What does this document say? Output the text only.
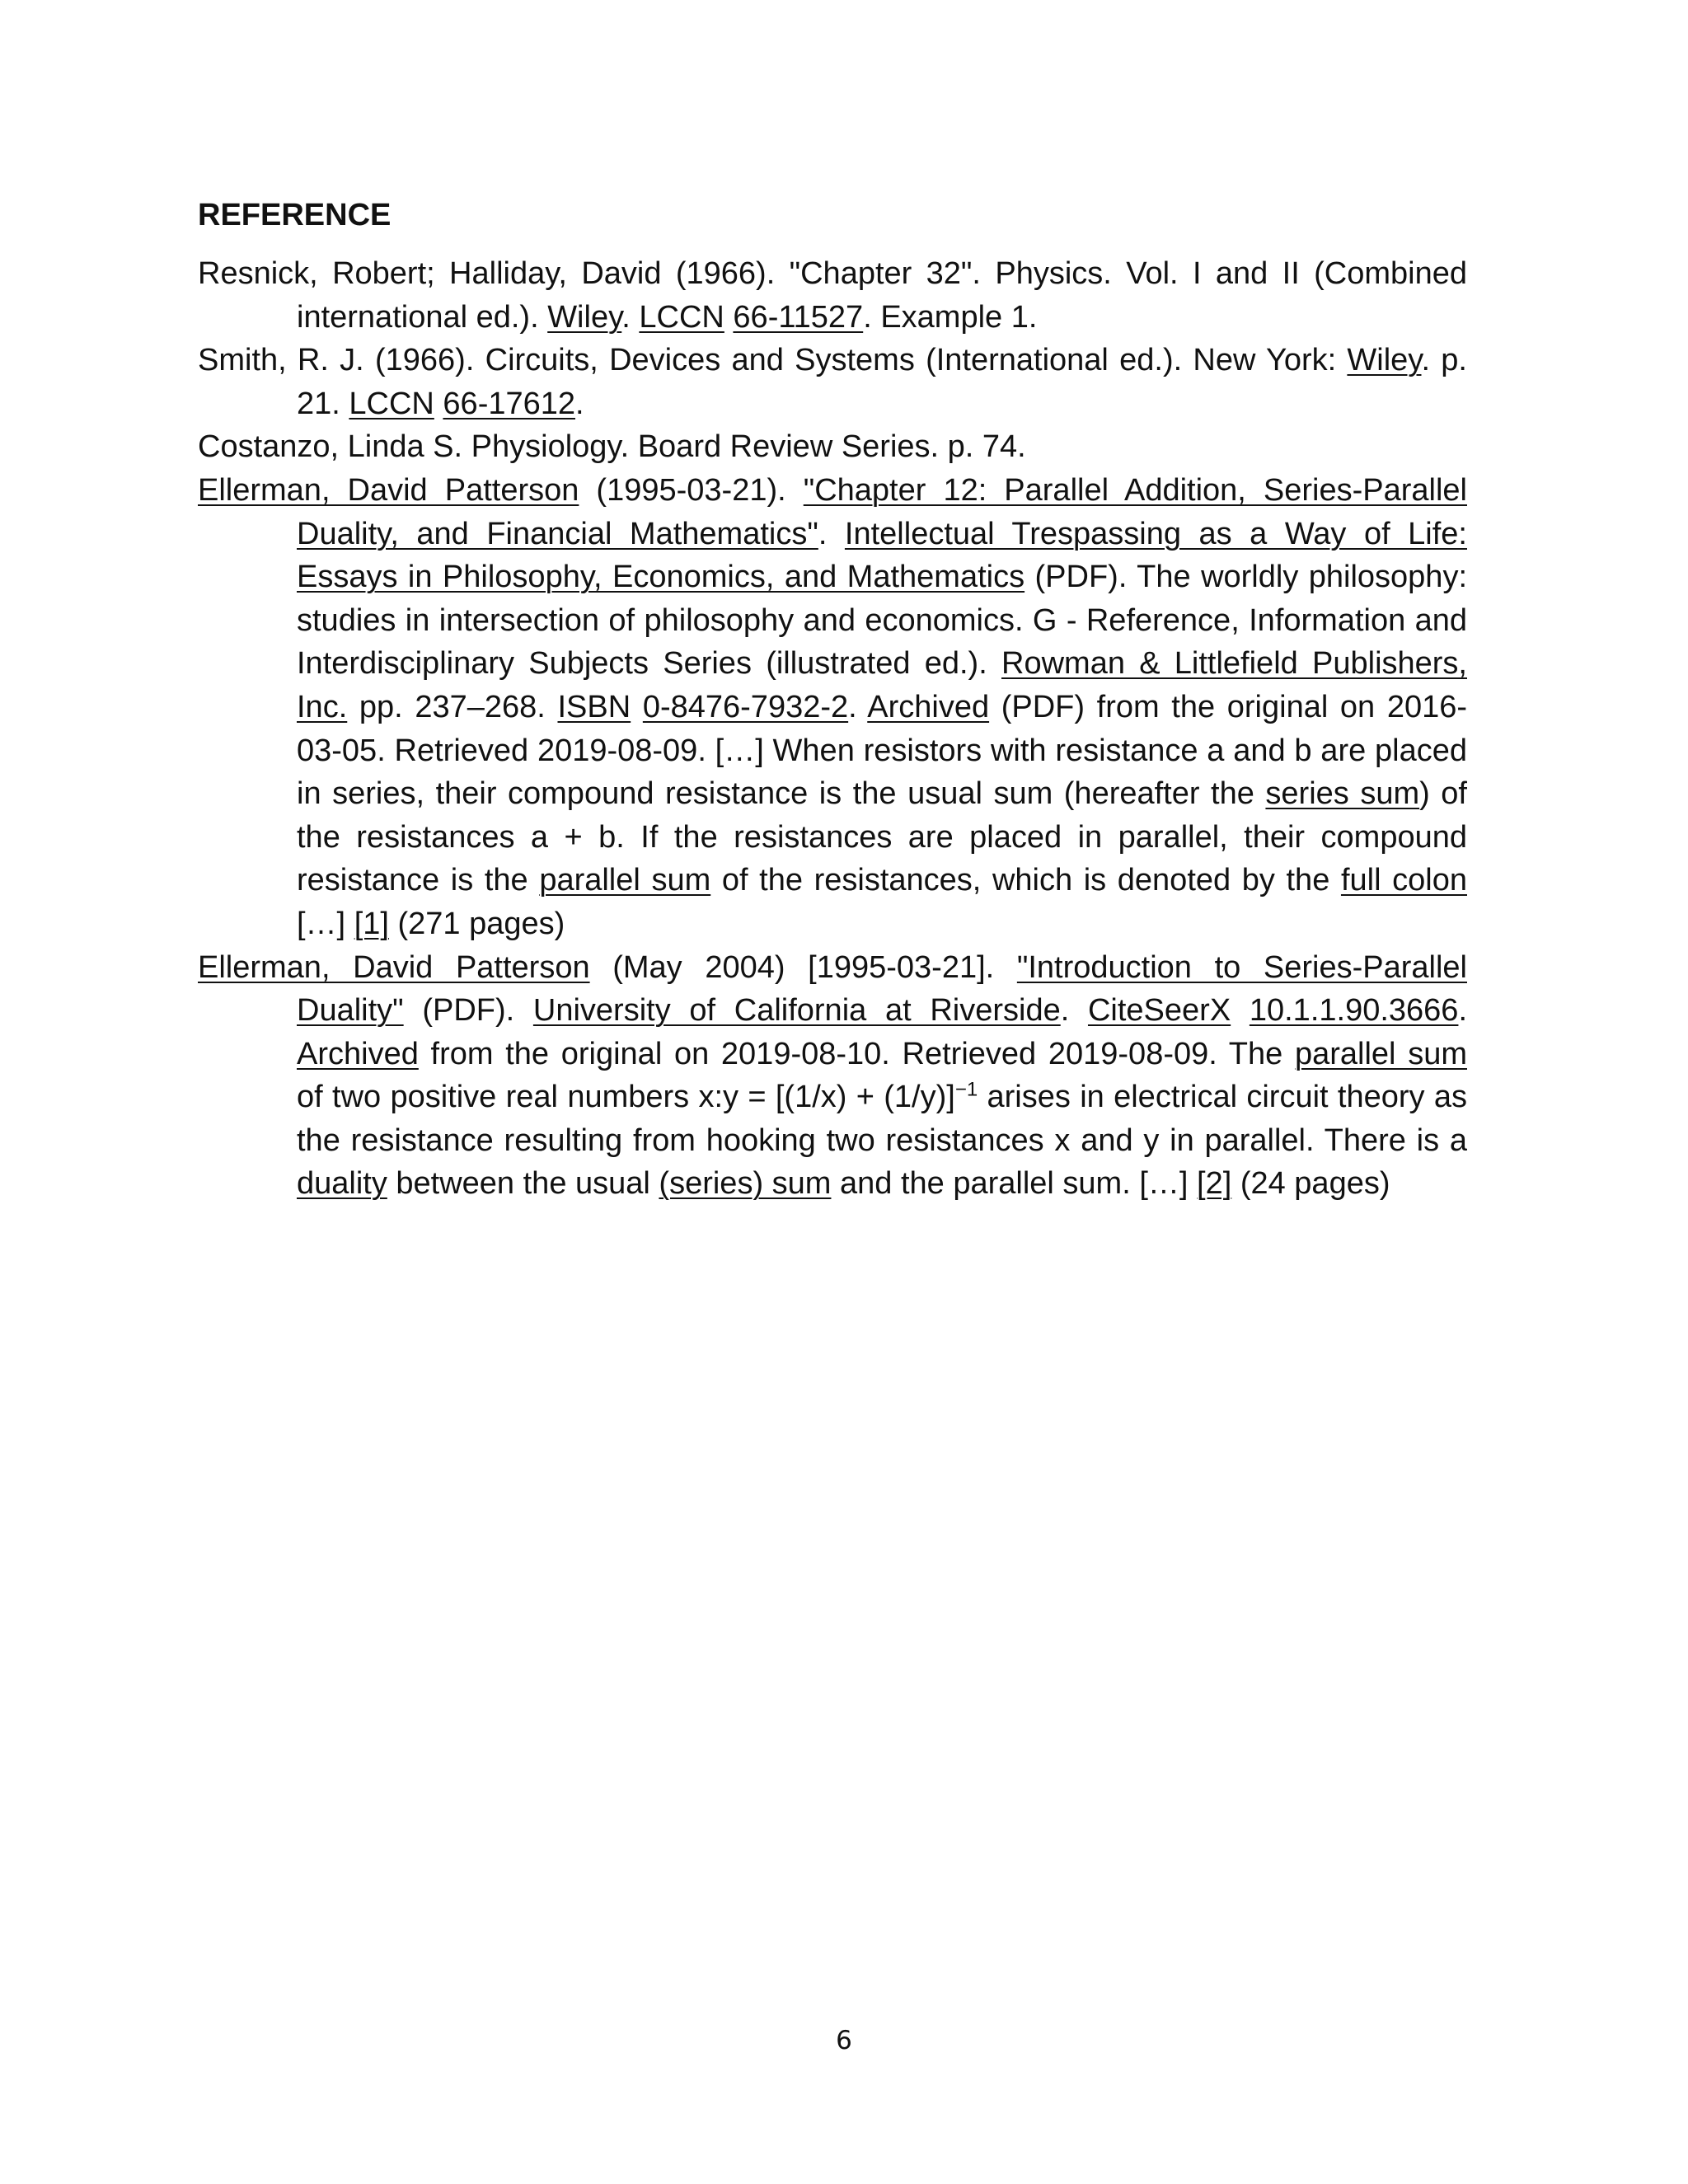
REFERENCE
Resnick, Robert; Halliday, David (1966). "Chapter 32". Physics. Vol. I and II (Combined international ed.). Wiley. LCCN 66-11527. Example 1.
Smith, R. J. (1966). Circuits, Devices and Systems (International ed.). New York: Wiley. p. 21. LCCN 66-17612.
Costanzo, Linda S. Physiology. Board Review Series. p. 74.
Ellerman, David Patterson (1995-03-21). "Chapter 12: Parallel Addition, Series-Parallel Duality, and Financial Mathematics". Intellectual Trespassing as a Way of Life: Essays in Philosophy, Economics, and Mathematics (PDF). The worldly philosophy: studies in intersection of philosophy and economics. G - Reference, Information and Interdisciplinary Subjects Series (illustrated ed.). Rowman & Littlefield Publishers, Inc. pp. 237–268. ISBN 0-8476-7932-2. Archived (PDF) from the original on 2016-03-05. Retrieved 2019-08-09. […] When resistors with resistance a and b are placed in series, their compound resistance is the usual sum (hereafter the series sum) of the resistances a + b. If the resistances are placed in parallel, their compound resistance is the parallel sum of the resistances, which is denoted by the full colon […] [1] (271 pages)
Ellerman, David Patterson (May 2004) [1995-03-21]. "Introduction to Series-Parallel Duality" (PDF). University of California at Riverside. CiteSeerX 10.1.1.90.3666. Archived from the original on 2019-08-10. Retrieved 2019-08-09. The parallel sum of two positive real numbers x:y = $[(1/x) + (1/y)]^{-1}$ arises in electrical circuit theory as the resistance resulting from hooking two resistances x and y in parallel. There is a duality between the usual (series) sum and the parallel sum. […] [2] (24 pages)
6
